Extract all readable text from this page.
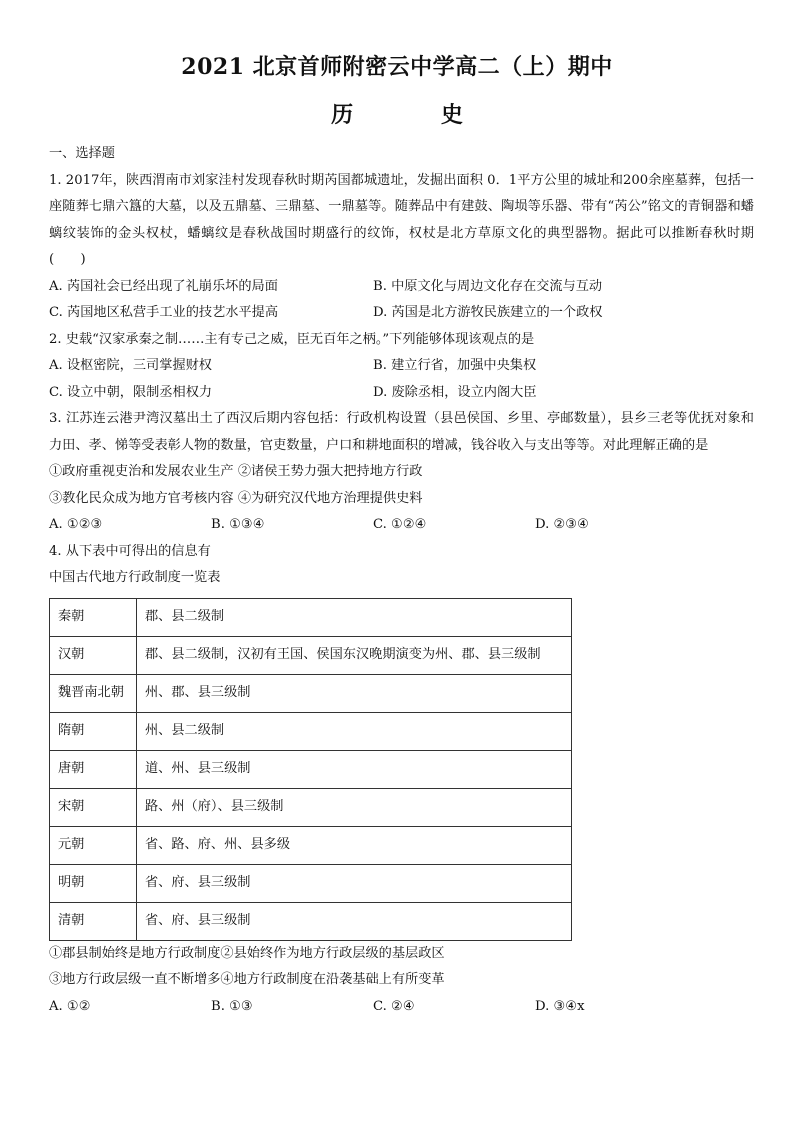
2021 北京首师附密云中学高二（上）期中
历 史
一、选择题
1. 2017年，陕西渭南市刘家洼村发现春秋时期芮国都城遗址，发掘出面积 0．1平方公里的城址和200余座墓葬，包括一座随葬七鼎六簋的大墓，以及五鼎墓、三鼎墓、一鼎墓等。随葬品中有建鼓、陶埙等乐器、带有“芮公”铭文的青铜器和蟠螭纹装饰的金头权杖，蟠螭纹是春秋战国时期盛行的纹饰，权杖是北方草原文化的典型器物。据此可以推断春秋时期(　　)
A. 芮国社会已经出现了礼崩乐坏的局面	B. 中原文化与周边文化存在交流与互动
C. 芮国地区私营手工业的技艺水平提高	D. 芮国是北方游牧民族建立的一个政权
2. 史载“汉家承秦之制……主有专己之威，臣无百年之柄。”下列能够体现该观点的是
A. 设枢密院，三司掌握财权	B. 建立行省，加强中央集权
C. 设立中朝，限制丞相权力	D. 废除丞相，设立内阁大臣
3. 江苏连云港尹湾汉墓出土了西汉后期内容包括：行政机构设置（县邑侯国、乡里、亭邮数量），县乡三老等优抚对象和力田、孝、悌等受表彰人物的数量，官吏数量，户口和耕地面积的增减，钱谷收入与支出等等。对此理解正确的是
①政府重视吏治和发展农业生产 ②诸侯王势力强大把持地方行政
③教化民众成为地方官考核内容 ④为研究汉代地方治理提供史料
A. ①②③	B. ①③④	C. ①②④	D. ②③④
4. 从下表中可得出的信息有
中国古代地方行政制度一览表
秦朝	郡、县二级制
汉朝	郡、县二级制，汉初有王国、侯国东汉晚期演变为州、郡、县三级制
魏晋南北朝	州、郡、县三级制
隋朝	州、县二级制
唐朝	道、州、县三级制
宋朝	路、州（府）、县三级制
元朝	省、路、府、州、县多级
明朝	省、府、县三级制
清朝	省、府、县三级制
①郡县制始终是地方行政制度②县始终作为地方行政层级的基层政区
③地方行政层级一直不断增多④地方行政制度在沿袭基础上有所变革
A. ①②	B. ①③	C. ②④	D. ③④x
